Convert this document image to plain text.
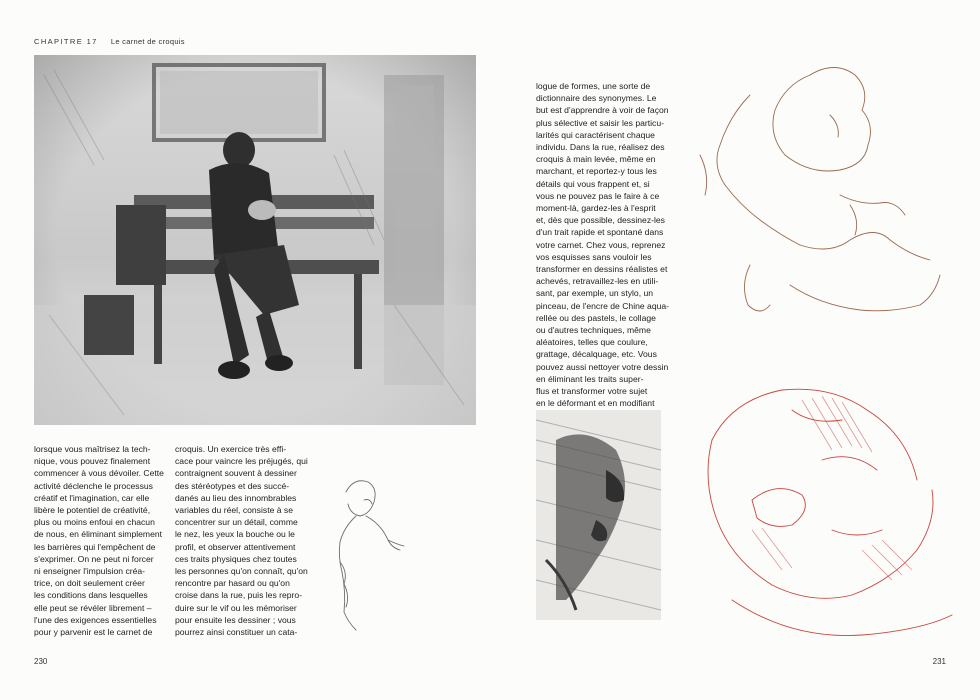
CHAPITRE 17 Le carnet de croquis
lorsque vous maîtrisez la tech-
nique, vous pouvez finalement
commencer à vous dévoiler. Cette
activité déclenche le processus
créatif et l'imagination, car elle
libère le potentiel de créativité,
plus ou moins enfoui en chacun
de nous, en éliminant simplement
les barrières qui l'empêchent de
s'exprimer. On ne peut ni forcer
ni enseigner l'impulsion créa-
trice, on doit seulement créer
les conditions dans lesquelles
elle peut se révéler librement –
l'une des exigences essentielles
pour y parvenir est le carnet de
croquis. Un exercice très effi-
cace pour vaincre les préjugés, qui
contraignent souvent à dessiner
des stéréotypes et des succé-
danés au lieu des innombrables
variables du réel, consiste à se
concentrer sur un détail, comme
le nez, les yeux la bouche ou le
profil, et observer attentivement
ces traits physiques chez toutes
les personnes qu'on connaît, qu'on
rencontre par hasard ou qu'on
croise dans la rue, puis les repro-
duire sur le vif ou les mémoriser
pour ensuite les dessiner ; vous
pourrez ainsi constituer un cata-
logue de formes, une sorte de
dictionnaire des synonymes. Le
but est d'apprendre à voir de façon
plus sélective et saisir les particu-
larités qui caractérisent chaque
individu. Dans la rue, réalisez des
croquis à main levée, même en
marchant, et reportez-y tous les
détails qui vous frappent et, si
vous ne pouvez pas le faire à ce
moment-là, gardez-les à l'esprit
et, dès que possible, dessinez-les
d'un trait rapide et spontané dans
votre carnet. Chez vous, reprenez
vos esquisses sans vouloir les
transformer en dessins réalistes et
achevés, retravaillez-les en utili-
sant, par exemple, un stylo, un
pinceau, de l'encre de Chine aqua-
rellée ou des pastels, le collage
ou d'autres techniques, même
aléatoires, telles que coulure,
grattage, décalquage, etc. Vous
pouvez aussi nettoyer votre dessin
en éliminant les traits super-
flus et transformer votre sujet
en le déformant et en modifiant
230	231
